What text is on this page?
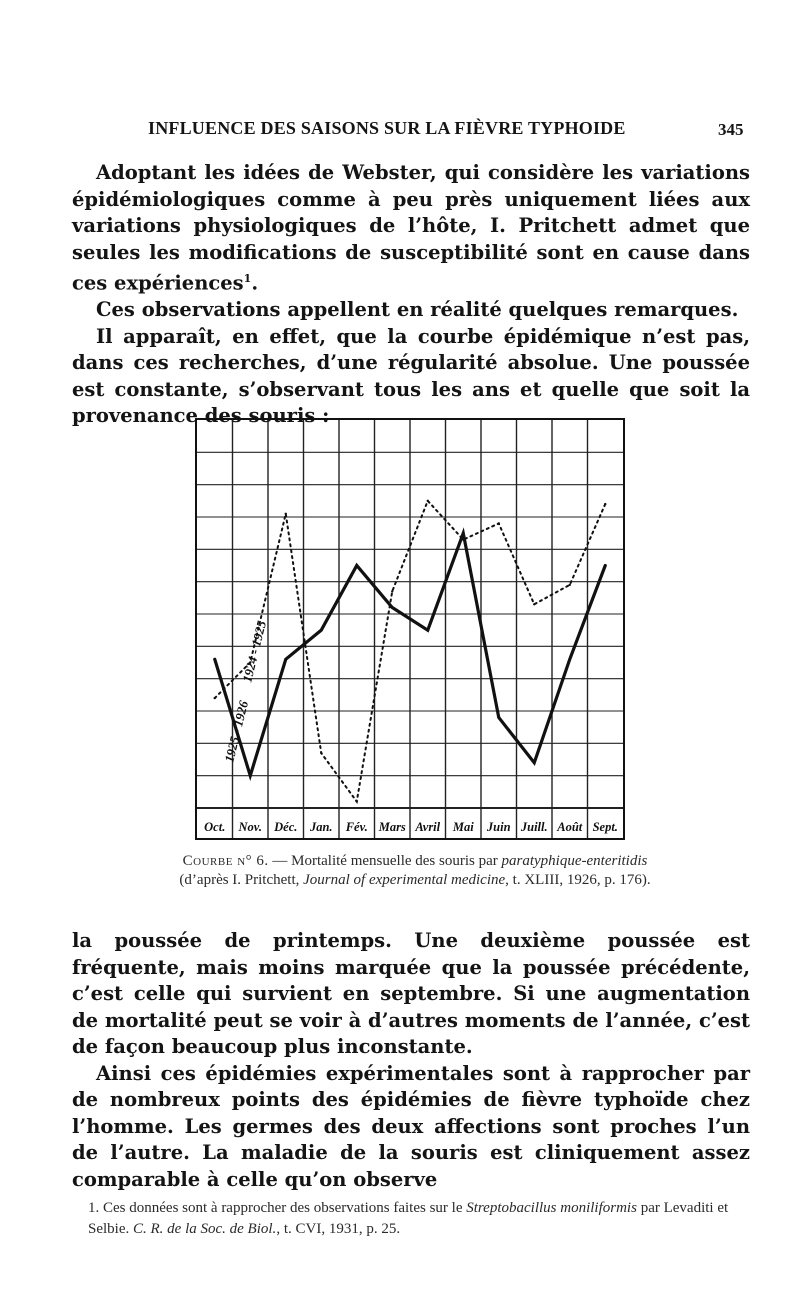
INFLUENCE DES SAISONS SUR LA FIÈVRE TYPHOIDE	345

Adoptant les idées de Webster, qui considère les variations épidémiologiques comme à peu près uniquement liées aux variations physiologiques de l’hôte, I. Pritchett admet que seules les modifications de susceptibilité sont en cause dans ces expériences$^1$.

Ces observations appellent en réalité quelques remarques.

Il apparaît, en effet, que la courbe épidémique n’est pas, dans ces recherches, d’une régularité absolue. Une poussée est constante, s’observant tous les ans et quelle que soit la provenance des souris :

Oct. Nov. Déc. Jan. Fév. Mars Avril Mai Juin Juill. Août Sept.
1924 - 1925
1925 - 1926
Courbe n° 6. — Mortalité mensuelle des souris par paratyphique-enteritidis
(d’après I. Pritchett, Journal of experimental medicine, t. XLIII, 1926, p. 176).

la poussée de printemps. Une deuxième poussée est fréquente, mais moins marquée que la poussée précédente, c’est celle qui survient en septembre. Si une augmentation de mortalité peut se voir à d’autres moments de l’année, c’est de façon beaucoup plus inconstante.

Ainsi ces épidémies expérimentales sont à rapprocher par de nombreux points des épidémies de fièvre typhoïde chez l’homme. Les germes des deux affections sont proches l’un de l’autre. La maladie de la souris est cliniquement assez comparable à celle qu’on observe

1. Ces données sont à rapprocher des observations faites sur le Streptobacillus moniliformis par Levaditi et Selbie. C. R. de la Soc. de Biol., t. CVI, 1931, p. 25.
